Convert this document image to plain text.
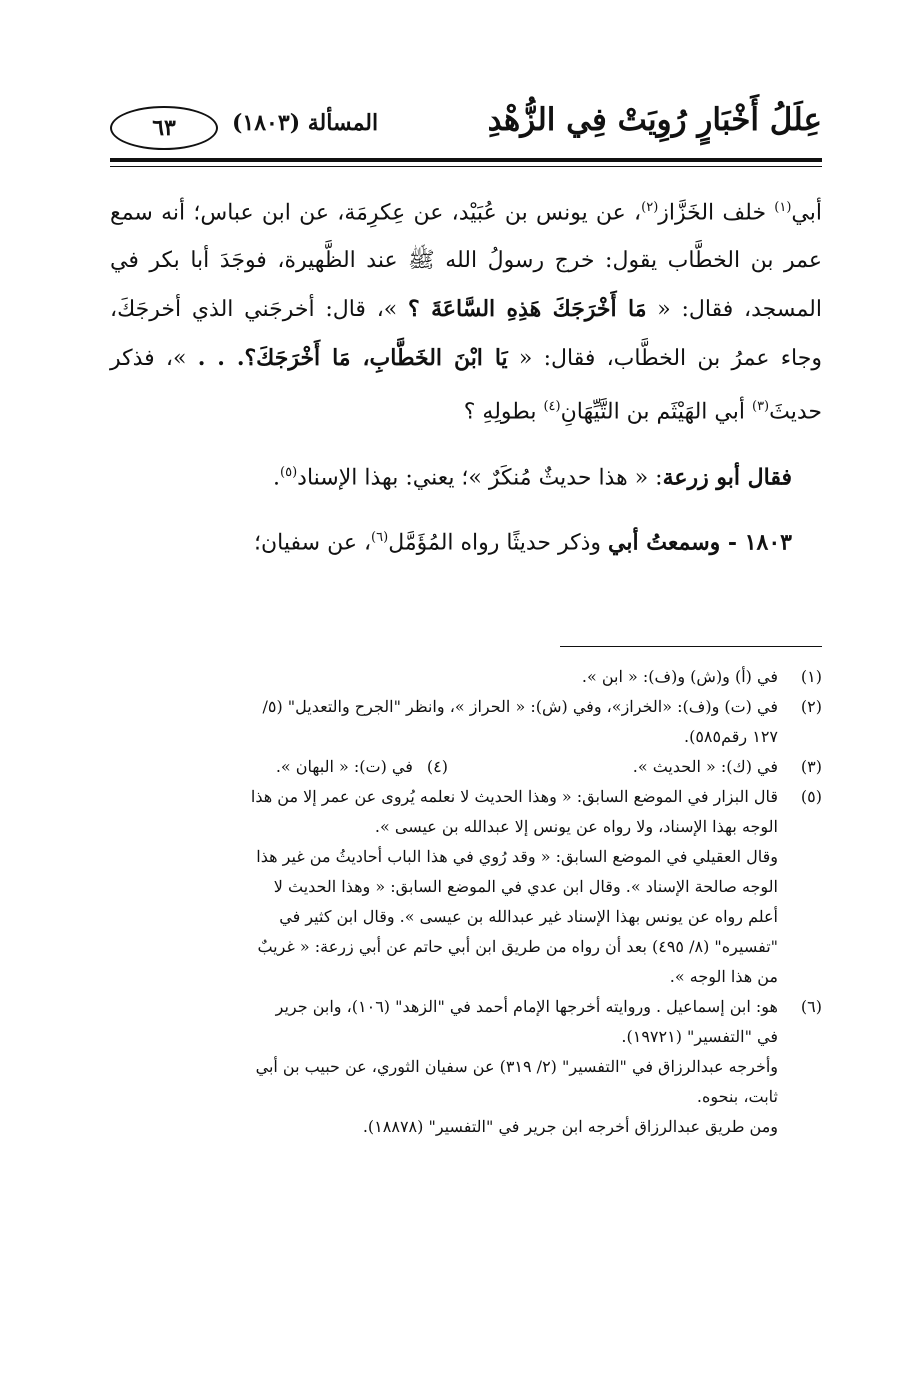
عِلَلُ أَخْبَارٍ رُوِيَتْ فِي الزُّهْدِ
المسألة (١٨٠٣)
٦٣

أبي$^{(١)}$ خلف الخَزَّاز$^{(٢)}$، عن يونس بن عُبَيْد، عن عِكرِمَة، عن ابن عباس؛ أنه سمع عمر بن الخطَّاب يقول: خرج رسولُ الله ﷺ عند الظَّهيرة، فوجَدَ أبا بكر في المسجد، فقال: « مَا أَخْرَجَكَ هَذِهِ السَّاعَةَ ؟ »، قال: أخرجَني الذي أخرجَكَ، وجاء عمرُ بن الخطَّاب، فقال: « يَا ابْنَ الخَطَّابِ، مَا أَخْرَجَكَ؟. . . »، فذكر حديثَ$^{(٣)}$ أبي الهَيْثَم بن التَّيِّهَانِ$^{(٤)}$ بطولِهِ ؟

فقال أبو زرعة: « هذا حديثٌ مُنكَرٌ »؛ يعني: بهذا الإسناد$^{(٥)}$.

١٨٠٣ - وسمعتُ أبي وذكر حديثًا رواه المُؤَمَّل$^{(٦)}$، عن سفيان؛

(١)
في (أ) و(ش) و(ف): « ابن ».
(٢)
في (ت) و(ف): «الخراز»، وفي (ش): « الحراز »، وانظر "الجرح والتعديل" (٥/
١٢٧ رقم٥٨٥).
(٣)
في (ك): « الحديث ».
(٤)
في (ت): « البهان ».
(٥)
قال البزار في الموضع السابق: « وهذا الحديث لا نعلمه يُروى عن عمر إلا من هذا
الوجه بهذا الإسناد، ولا رواه عن يونس إلا عبدالله بن عيسى ».
وقال العقيلي في الموضع السابق: « وقد رُوي في هذا الباب أحاديثُ من غير هذا
الوجه صالحة الإسناد ». وقال ابن عدي في الموضع السابق: « وهذا الحديث لا
أعلم رواه عن يونس بهذا الإسناد غير عبدالله بن عيسى ». وقال ابن كثير في
"تفسيره" (٨/ ٤٩٥) بعد أن رواه من طريق ابن أبي حاتم عن أبي زرعة: « غريبٌ
من هذا الوجه ».
(٦)
هو: ابن إسماعيل . وروايته أخرجها الإمام أحمد في "الزهد" (١٠٦)، وابن جرير
في "التفسير" (١٩٧٢١).
وأخرجه عبدالرزاق في "التفسير" (٢/ ٣١٩) عن سفيان الثوري، عن حبيب بن أبي
ثابت، بنحوه.
ومن طريق عبدالرزاق أخرجه ابن جرير في "التفسير" (١٨٨٧٨).
